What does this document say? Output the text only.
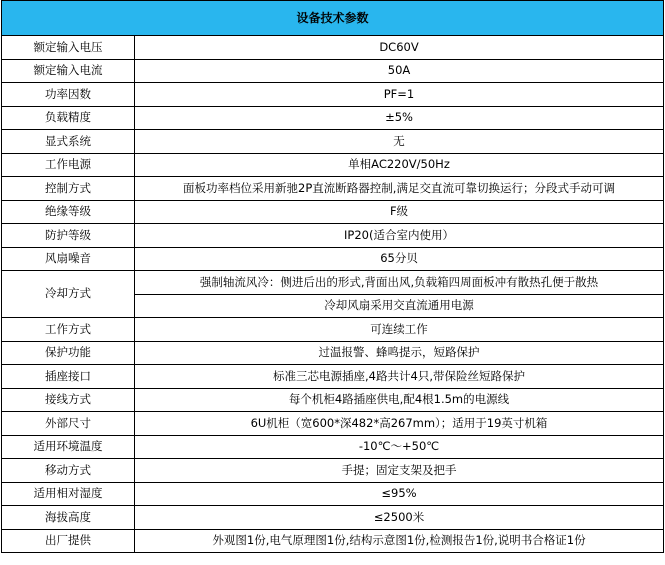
设备技术参数	
额定输入电压	DC60V
额定输入电流	50A
功率因数	PF=1
负载精度	±5%
显式系统	无
工作电源	单相AC220V/50Hz
控制方式	面板功率档位采用新驰2P直流断路器控制,满足交直流可靠切换运行；分段式手动可调
绝缘等级	F级
防护等级	IP20(适合室内使用）
风扇噪音	65分贝
冷却方式	强制轴流风冷：侧进后出的形式,背面出风,负载箱四周面板冲有散热孔便于散热
	冷却风扇采用交直流通用电源
工作方式	可连续工作
保护功能	过温报警、蜂鸣提示，短路保护
插座接口	标准三芯电源插座,4路共计4只,带保险丝短路保护
接线方式	每个机柜4路插座供电,配4根1.5m的电源线
外部尺寸	6U机柜（宽600*深482*高267mm）；适用于19英寸机箱
适用环境温度	-10℃～+50℃
移动方式	手提；固定支架及把手
适用相对湿度	≤95%
海拔高度	≤2500米
出厂提供	外观图1份,电气原理图1份,结构示意图1份,检测报告1份,说明书合格证1份
